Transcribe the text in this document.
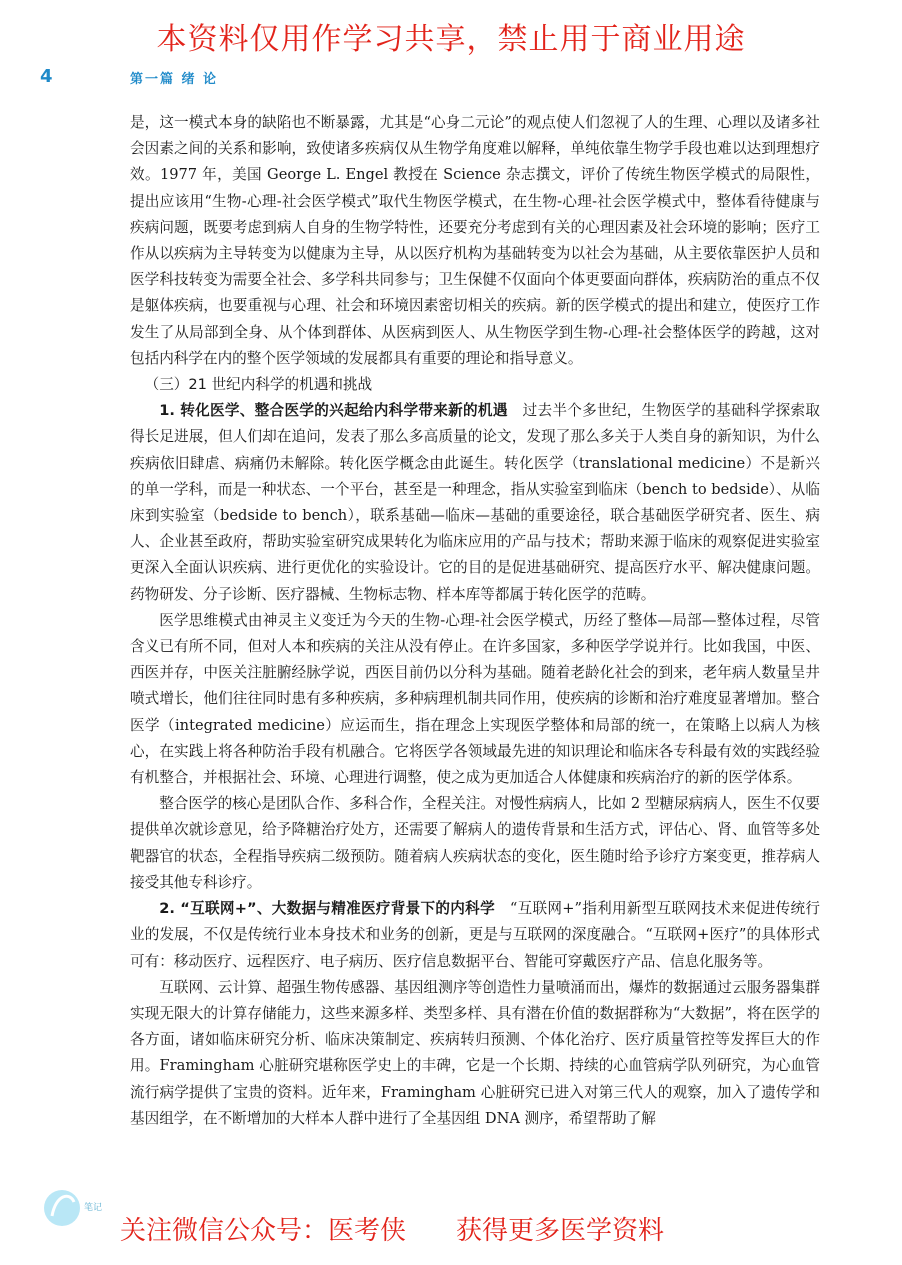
本资料仅用作学习共享，禁止用于商业用途
4	第一篇 绪 论

是，这一模式本身的缺陷也不断暴露，尤其是“心身二元论”的观点使人们忽视了人的生理、心理以及诸多社会因素之间的关系和影响，致使诸多疾病仅从生物学角度难以解释，单纯依靠生物学手段也难以达到理想疗效。1977 年，美国 George L. Engel 教授在 Science 杂志撰文，评价了传统生物医学模式的局限性，提出应该用“生物-心理-社会医学模式”取代生物医学模式，在生物-心理-社会医学模式中，整体看待健康与疾病问题，既要考虑到病人自身的生物学特性，还要充分考虑到有关的心理因素及社会环境的影响；医疗工作从以疾病为主导转变为以健康为主导，从以医疗机构为基础转变为以社会为基础，从主要依靠医护人员和医学科技转变为需要全社会、多学科共同参与；卫生保健不仅面向个体更要面向群体，疾病防治的重点不仅是躯体疾病，也要重视与心理、社会和环境因素密切相关的疾病。新的医学模式的提出和建立，使医疗工作发生了从局部到全身、从个体到群体、从医病到医人、从生物医学到生物-心理-社会整体医学的跨越，这对包括内科学在内的整个医学领域的发展都具有重要的理论和指导意义。

（三）21 世纪内科学的机遇和挑战

1. 转化医学、整合医学的兴起给内科学带来新的机遇　 过去半个多世纪，生物医学的基础科学探索取得长足进展，但人们却在追问，发表了那么多高质量的论文，发现了那么多关于人类自身的新知识，为什么疾病依旧肆虐、病痛仍未解除。转化医学概念由此诞生。转化医学（translational medicine）不是新兴的单一学科，而是一种状态、一个平台，甚至是一种理念，指从实验室到临床（bench to bedside）、从临床到实验室（bedside to bench），联系基础—临床—基础的重要途径，联合基础医学研究者、医生、病人、企业甚至政府，帮助实验室研究成果转化为临床应用的产品与技术；帮助来源于临床的观察促进实验室更深入全面认识疾病、进行更优化的实验设计。它的目的是促进基础研究、提高医疗水平、解决健康问题。药物研发、分子诊断、医疗器械、生物标志物、样本库等都属于转化医学的范畴。

医学思维模式由神灵主义变迁为今天的生物-心理-社会医学模式，历经了整体—局部—整体过程，尽管含义已有所不同，但对人本和疾病的关注从没有停止。在许多国家，多种医学学说并行。比如我国，中医、西医并存，中医关注脏腑经脉学说，西医目前仍以分科为基础。随着老龄化社会的到来，老年病人数量呈井喷式增长，他们往往同时患有多种疾病，多种病理机制共同作用，使疾病的诊断和治疗难度显著增加。整合医学（integrated medicine）应运而生，指在理念上实现医学整体和局部的统一，在策略上以病人为核心，在实践上将各种防治手段有机融合。它将医学各领域最先进的知识理论和临床各专科最有效的实践经验有机整合，并根据社会、环境、心理进行调整，使之成为更加适合人体健康和疾病治疗的新的医学体系。

整合医学的核心是团队合作、多科合作，全程关注。对慢性病病人，比如 2 型糖尿病病人，医生不仅要提供单次就诊意见，给予降糖治疗处方，还需要了解病人的遗传背景和生活方式，评估心、肾、血管等多处靶器官的状态，全程指导疾病二级预防。随着病人疾病状态的变化，医生随时给予诊疗方案变更，推荐病人接受其他专科诊疗。

2. “互联网+”、大数据与精准医疗背景下的内科学　 “互联网+”指利用新型互联网技术来促进传统行业的发展，不仅是传统行业本身技术和业务的创新，更是与互联网的深度融合。“互联网+医疗”的具体形式可有：移动医疗、远程医疗、电子病历、医疗信息数据平台、智能可穿戴医疗产品、信息化服务等。

互联网、云计算、超强生物传感器、基因组测序等创造性力量喷涌而出，爆炸的数据通过云服务器集群实现无限大的计算存储能力，这些来源多样、类型多样、具有潜在价值的数据群称为“大数据”，将在医学的各方面，诸如临床研究分析、临床决策制定、疾病转归预测、个体化治疗、医疗质量管控等发挥巨大的作用。Framingham 心脏研究堪称医学史上的丰碑，它是一个长期、持续的心血管病学队列研究，为心血管流行病学提供了宝贵的资料。近年来，Framingham 心脏研究已进入对第三代人的观察，加入了遗传学和基因组学，在不断增加的大样本人群中进行了全基因组 DNA 测序，希望帮助了解

笔记
关注微信公众号：医考侠 获得更多医学资料
